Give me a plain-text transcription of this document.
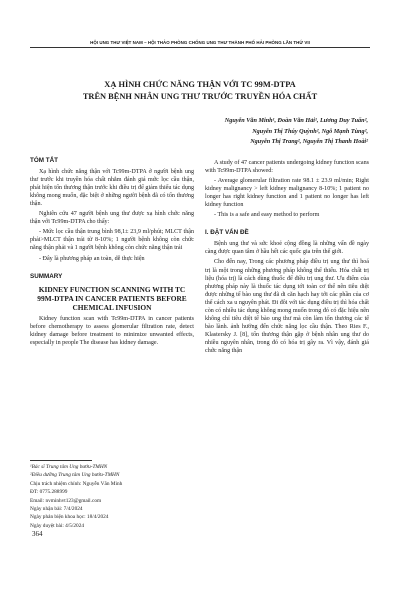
HỘI UNG THƯ VIỆT NAM – HỘI THẢO PHÒNG CHỐNG UNG THƯ THÀNH PHỐ HẢI PHÒNG LẦN THỨ VII
XẠ HÌNH CHỨC NĂNG THẬN VỚI TC 99M-DTPA
TRÊN BỆNH NHÂN UNG THƯ TRƯỚC TRUYỀN HÓA CHẤT
Nguyễn Văn Minh¹, Đoàn Văn Hải¹, Lương Duy Tuấn²,
Nguyễn Thị Thúy Quỳnh², Ngô Mạnh Tùng²,
Nguyễn Thị Trang², Nguyễn Thị Thanh Hoài²
TÓM TẮT

Xạ hình chức năng thận với Tc99m-DTPA ở người bệnh ung thư trước khi truyền hóa chất nhằm đánh giá mức lọc cầu thận, phát hiện tổn thương thận trước khi điều trị để giảm thiểu tác dụng không mong muốn, đặc biệt ở những người bệnh đã có tổn thương thận.

Nghiên cứu 47 người bệnh ung thư được xạ hình chức năng thận với Tc99m-DTPA cho thấy:

- Mức lọc cầu thận trung bình 98,1± 23,9 ml/phút; MLCT thận phải>MLCT thận trái từ 8-10%; 1 người bệnh không còn chức năng thận phải và 1 người bệnh không còn chức năng thận trái

- Đây là phương pháp an toàn, dễ thực hiện

SUMMARY
KIDNEY FUNCTION SCANNING WITH TC 99M-DTPA IN CANCER PATIENTS BEFORE CHEMICAL INFUSION

Kidney function scan with Tc99m-DTPA in cancer patients before chemotherapy to assess glomerular filtration rate, detect kidney damage before treatment to minimize unwanted effects, especially in people The disease has kidney damage.

¹Bác sĩ Trung tâm Ung bướu-TMHN
²Điều dưỡng Trung tâm Ung bướu-TMHN
Chịu trách nhiệm chính: Nguyễn Văn Minh
ĐT: 0775.288999
Email: nvminhvt123@gmail.com
Ngày nhận bài: 7/4/2024
Ngày phản biện khoa học: 18/4/2024
Ngày duyệt bài: 4/5/2024

A study of 47 cancer patients undergoing kidney function scans with Tc99m-DTPA showed:

- Average glomerular filtration rate 98.1 ± 23.9 ml/min; Right kidney malignancy > left kidney malignancy 8-10%; 1 patient no longer has right kidney function and 1 patient no longer has left kidney function

- This is a safe and easy method to perform

I. ĐẶT VẤN ĐỀ

Bệnh ung thư và sức khoẻ cộng đồng là những vấn đề ngày càng được quan tâm ở hầu hết các quốc gia trên thế giới.

Cho đến nay, Trong các phương pháp điều trị ung thư thì hoá trị là một trong những phương pháp không thể thiếu. Hóa chất trị liệu (hóa trị) là cách dùng thuốc để điều trị ung thư. Ưu điểm của phương pháp này là thuốc tác dụng tới toàn cơ thể nên tiêu diệt được những tế bào ung thư đã di căn hạch hay tới các phần của cơ thể cách xa u nguyên phát. Đi đôi với tác dụng điều trị thì hóa chất còn có nhiều tác dụng không mong muốn trong đó có đặc hiệu nên không chỉ tiêu diệt tế bào ung thư mà còn làm tổn thương các tế bào lành. ảnh hưởng đến chức năng lọc cầu thận. Theo Ries F., Klastersky J. [8], tổn thương thận gặp ở bệnh nhân ung thư do nhiều nguyên nhân, trong đó có hóa trị gây ra. Vì vậy, đánh giá chức năng thận

364
